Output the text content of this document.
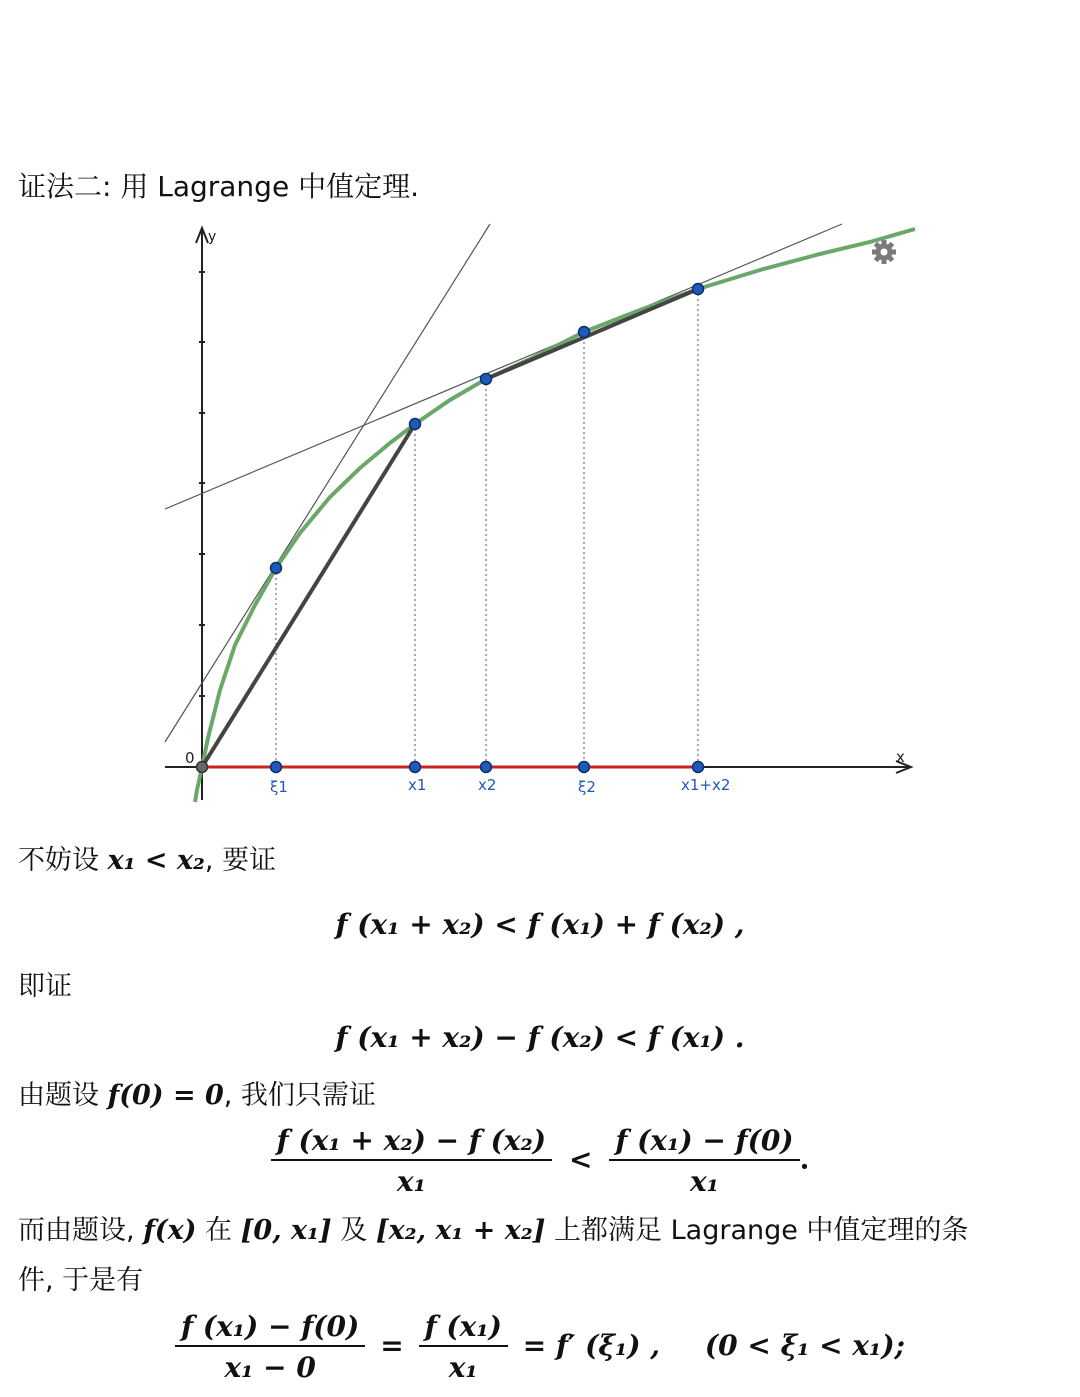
证法二: 用 Lagrange 中值定理.
y
x
0
ξ1	x1	x2	ξ2	x1+x2
不妨设 x₁ < x₂, 要证
f (x₁ + x₂) < f (x₁) + f (x₂) ,
即证
f (x₁ + x₂) − f (x₂) < f (x₁) .
由题设 f(0) = 0, 我们只需证
$\frac{\text{f (x₁ + x₂) − f (x₂)}}{\text{x₁}} < \frac{\text{f (x₁) − f(0)}}{\text{x₁}}$ .
而由题设, f(x) 在 [0, x₁] 及 [x₂, x₁ + x₂] 上都满足 Lagrange 中值定理的条
件, 于是有
$\frac{\text{f (x₁) − f(0)}}{\text{x₁ − 0}} = \frac{\text{f (x₁)}}{\text{x₁}} = f'$ (ξ₁) , (0 < ξ₁ < x₁);
